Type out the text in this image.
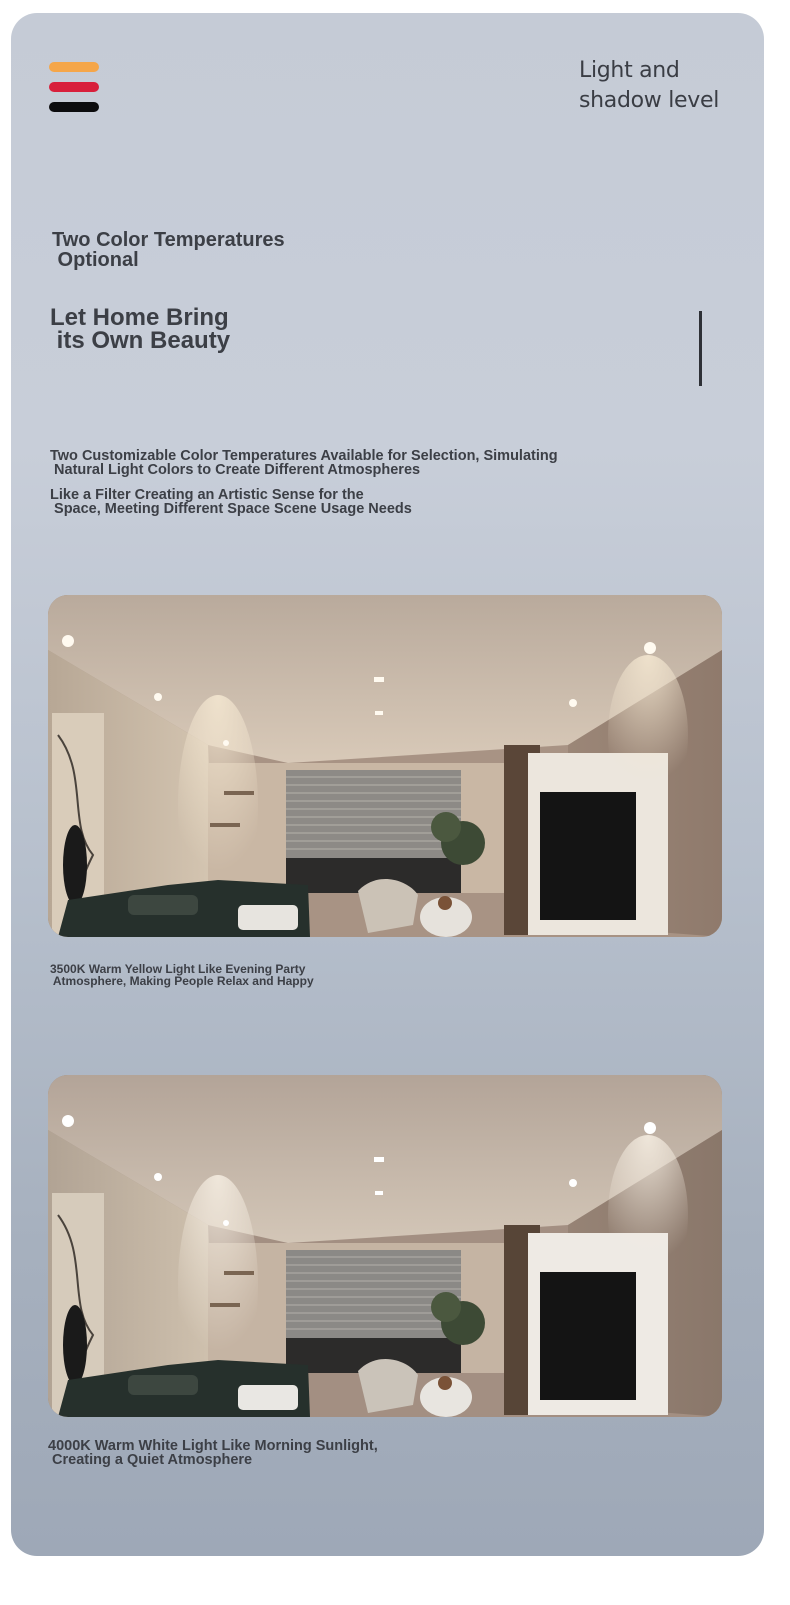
Light and
shadow level
Two Color Temperatures
Optional
Let Home Bring
its Own Beauty
Two Customizable Color Temperatures Available for Selection, Simulating
Natural Light Colors to Create Different Atmospheres
Like a Filter Creating an Artistic Sense for the
Space, Meeting Different Space Scene Usage Needs
3500K Warm Yellow Light Like Evening Party
Atmosphere, Making People Relax and Happy
4000K Warm White Light Like Morning Sunlight,
Creating a Quiet Atmosphere
